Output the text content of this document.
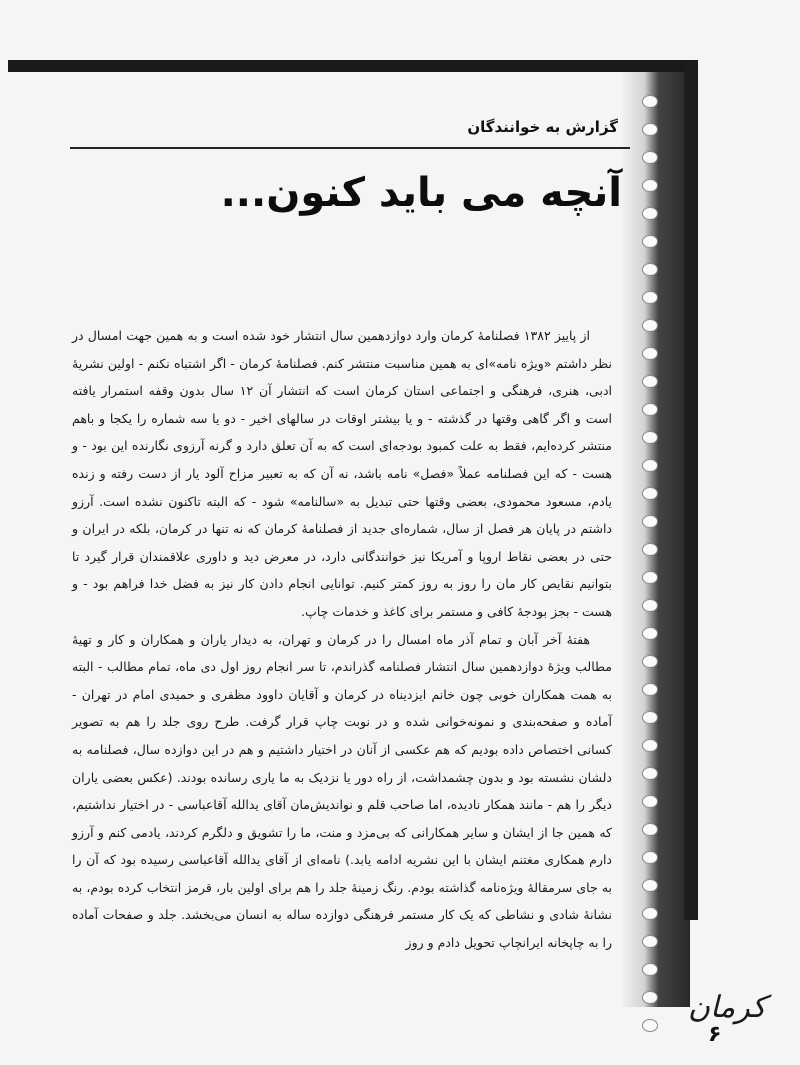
گزارش به خوانندگان
آنچه می باید کنون...

از پاییز ۱۳۸۲ فصلنامهٔ کرمان وارد دوازدهمین سال انتشار خود شده است و به همین جهت امسال در نظر داشتم «ویژه نامه»ای به همین مناسبت منتشر کنم. فصلنامهٔ کرمان - اگر اشتباه نکنم - اولین نشریهٔ ادبی، هنری، فرهنگی و اجتماعی استان کرمان است که انتشار آن ۱۲ سال بدون وقفه استمرار یافته است و اگر گاهی وقتها در گذشته - و یا بیشتر اوقات در سالهای اخیر - دو یا سه شماره را یکجا و باهم منتشر کرده‌ایم، فقط به علت کمبود بودجه‌ای است که به آن تعلق دارد و گرنه آرزوی نگارنده این بود - و هست - که این فصلنامه عملاً «فصل» نامه باشد، نه آن که به تعبیر مزاح آلود یار از دست رفته و زنده یادم، مسعود محمودی، بعضی وقتها حتی تبدیل به «سالنامه» شود - که البته تاکنون نشده است. آرزو داشتم در پایان هر فصل از سال، شماره‌ای جدید از فصلنامهٔ کرمان که نه تنها در کرمان، بلکه در ایران و حتی در بعضی نقاط اروپا و آمریکا نیز خوانندگانی دارد، در معرض دید و داوری علاقمندان قرار گیرد تا بتوانیم نقایص کار مان را روز به روز کمتر کنیم. توانایی انجام دادن کار نیز به فضل خدا فراهم بود - و هست - بجز بودجهٔ کافی و مستمر برای کاغذ و خدمات چاپ.

هفتهٔ آخر آبان و تمام آذر ماه امسال را در کرمان و تهران، به دیدار یاران و همکاران و کار و تهیهٔ مطالب ویژهٔ دوازدهمین سال انتشار فصلنامه گذراندم، تا سر انجام روز اول دی ماه، تمام مطالب - البته به همت همکاران خوبی چون خانم ایزدیناه در کرمان و آقایان داوود مظفری و حمیدی امام در تهران - آماده و صفحه‌بندی و نمونه‌خوانی شده و در نوبت چاپ قرار گرفت. طرح روی جلد را هم به تصویر کسانی اختصاص داده بودیم که هم عکسی از آنان در اختیار داشتیم و هم در این دوازده سال، فصلنامه به دلشان نشسته بود و بدون چشمداشت، از راه دور یا نزدیک به ما یاری رسانده بودند. (عکس بعضی یاران دیگر را هم - مانند همکار نادیده، اما صاحب قلم و نواندیش‌مان آقای یدالله آقاعباسی - در اختیار نداشتیم، که همین جا از ایشان و سایر همکارانی که بی‌مزد و منت، ما را تشویق و دلگرم کردند، یادمی کنم و آرزو دارم همکاری مغتنم ایشان با این نشریه ادامه یابد.) نامه‌ای از آقای یدالله آقاعباسی رسیده بود که آن را به جای سرمقالهٔ ویژه‌نامه گذاشته بودم. رنگ زمینهٔ جلد را هم برای اولین بار، قرمز انتخاب کرده بودم، به نشانهٔ شادی و نشاطی که یک کار مستمر فرهنگی دوازده ساله به انسان می‌بخشد. جلد و صفحات آماده را به چاپخانه ایرانچاپ تحویل دادم و روز

کرمان
۶
